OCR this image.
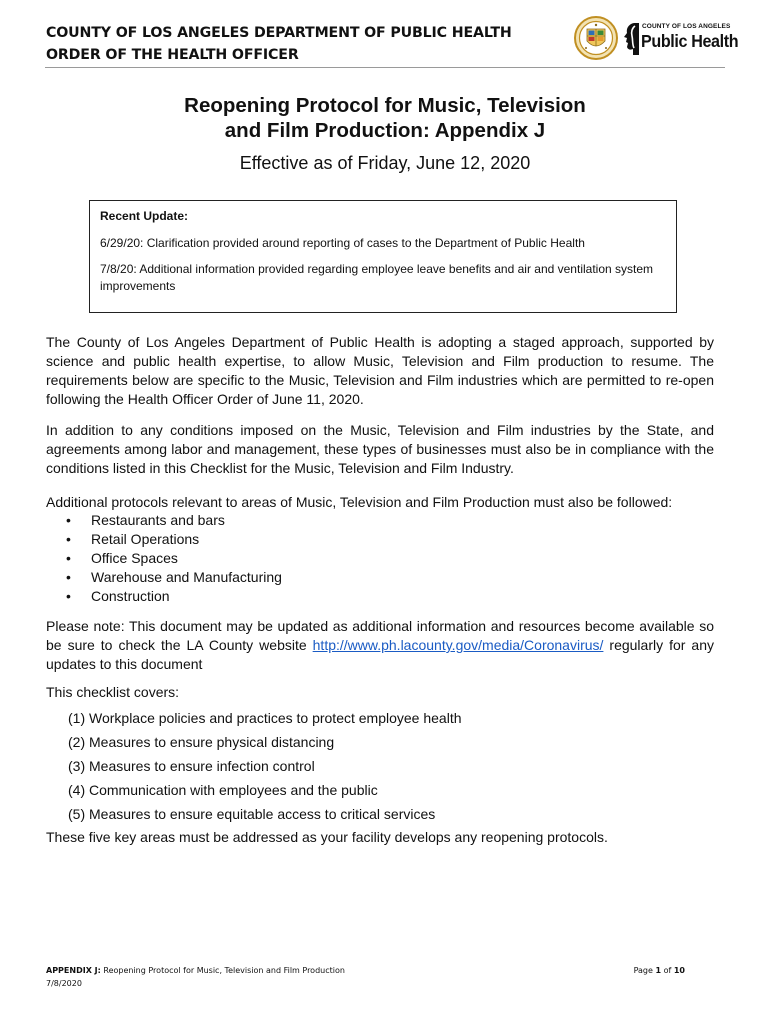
COUNTY OF LOS ANGELES DEPARTMENT OF PUBLIC HEALTH
ORDER OF THE HEALTH OFFICER
COUNTY OF LOS ANGELES
Public Health
Reopening Protocol for Music, Television
and Film Production: Appendix J
Effective as of Friday, June 12, 2020
Recent Update:
6/29/20: Clarification provided around reporting of cases to the Department of Public Health
7/8/20: Additional information provided regarding employee leave benefits and air and ventilation system improvements
The County of Los Angeles Department of Public Health is adopting a staged approach, supported by science and public health expertise, to allow Music, Television and Film production to resume. The requirements below are specific to the Music, Television and Film industries which are permitted to re-open following the Health Officer Order of June 11, 2020.
In addition to any conditions imposed on the Music, Television and Film industries by the State, and agreements among labor and management, these types of businesses must also be in compliance with the conditions listed in this Checklist for the Music, Television and Film Industry.
Additional protocols relevant to areas of Music, Television and Film Production must also be followed:
• Restaurants and bars
• Retail Operations
• Office Spaces
• Warehouse and Manufacturing
• Construction
Please note: This document may be updated as additional information and resources become available so be sure to check the LA County website http://www.ph.lacounty.gov/media/Coronavirus/ regularly for any updates to this document
This checklist covers:
(1) Workplace policies and practices to protect employee health
(2) Measures to ensure physical distancing
(3) Measures to ensure infection control
(4) Communication with employees and the public
(5) Measures to ensure equitable access to critical services
These five key areas must be addressed as your facility develops any reopening protocols.
APPENDIX J: Reopening Protocol for Music, Television and Film Production	Page 1 of 10
7/8/2020
